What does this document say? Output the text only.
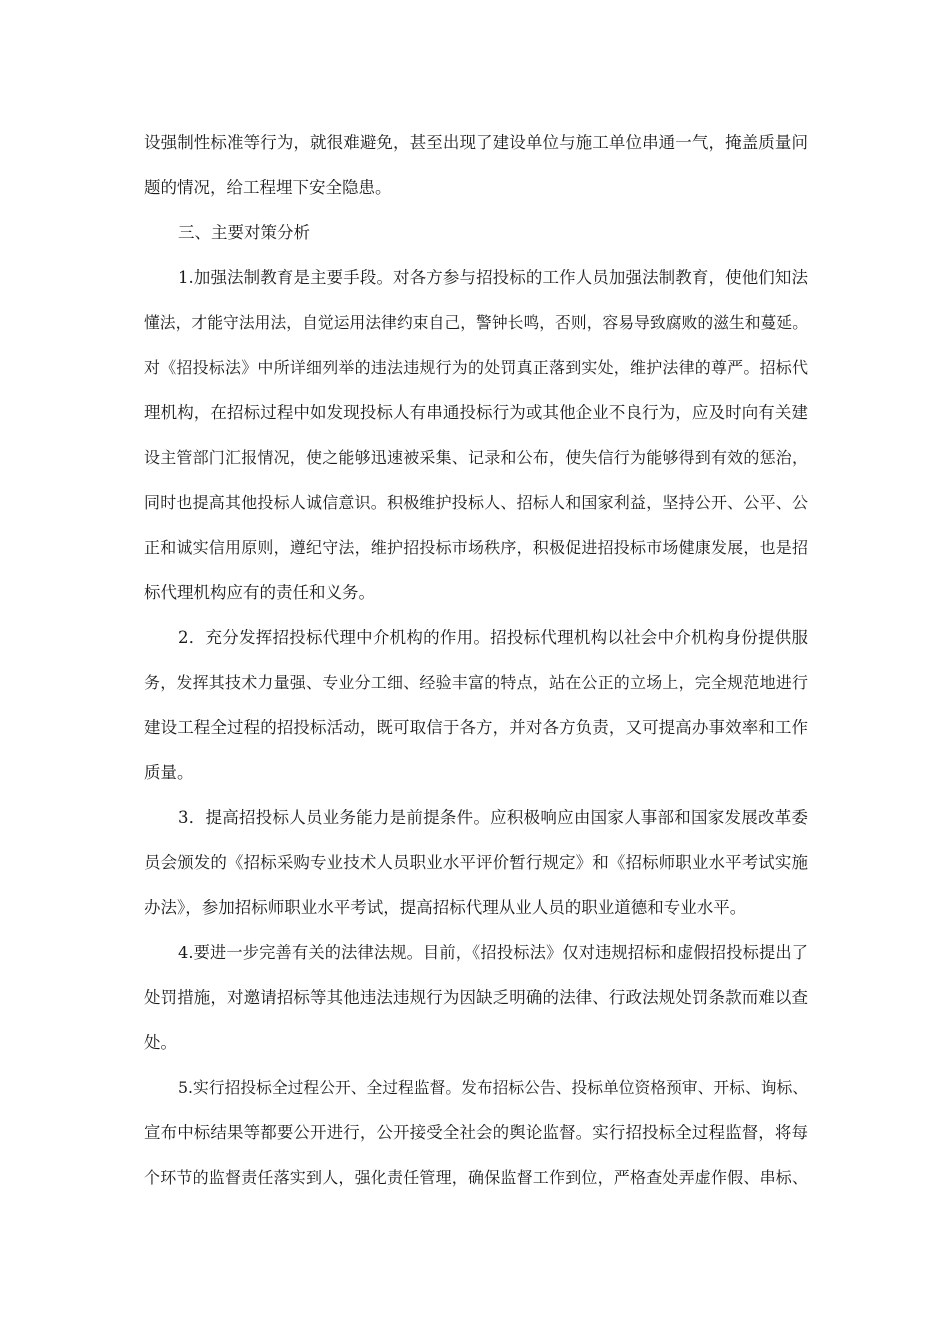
设强制性标准等行为，就很难避免，甚至出现了建设单位与施工单位串通一气，掩盖质量问
题的情况，给工程埋下安全隐患。
三、主要对策分析
1.加强法制教育是主要手段。对各方参与招投标的工作人员加强法制教育，使他们知法
懂法，才能守法用法，自觉运用法律约束自己，警钟长鸣，否则，容易导致腐败的滋生和蔓延。
对《招投标法》中所详细列举的违法违规行为的处罚真正落到实处，维护法律的尊严。招标代
理机构，在招标过程中如发现投标人有串通投标行为或其他企业不良行为，应及时向有关建
设主管部门汇报情况，使之能够迅速被采集、记录和公布，使失信行为能够得到有效的惩治，
同时也提高其他投标人诚信意识。积极维护投标人、招标人和国家利益，坚持公开、公平、公
正和诚实信用原则，遵纪守法，维护招投标市场秩序，积极促进招投标市场健康发展，也是招
标代理机构应有的责任和义务。
2．充分发挥招投标代理中介机构的作用。招投标代理机构以社会中介机构身份提供服
务，发挥其技术力量强、专业分工细、经验丰富的特点，站在公正的立场上，完全规范地进行
建设工程全过程的招投标活动，既可取信于各方，并对各方负责，又可提高办事效率和工作
质量。
3．提高招投标人员业务能力是前提条件。应积极响应由国家人事部和国家发展改革委
员会颁发的《招标采购专业技术人员职业水平评价暂行规定》和《招标师职业水平考试实施
办法》，参加招标师职业水平考试，提高招标代理从业人员的职业道德和专业水平。
4.要进一步完善有关的法律法规。目前，《招投标法》仅对违规招标和虚假招投标提出了
处罚措施，对邀请招标等其他违法违规行为因缺乏明确的法律、行政法规处罚条款而难以查
处。
5.实行招投标全过程公开、全过程监督。发布招标公告、投标单位资格预审、开标、询标、
宣布中标结果等都要公开进行，公开接受全社会的舆论监督。实行招投标全过程监督，将每
个环节的监督责任落实到人，强化责任管理，确保监督工作到位，严格查处弄虚作假、串标、
